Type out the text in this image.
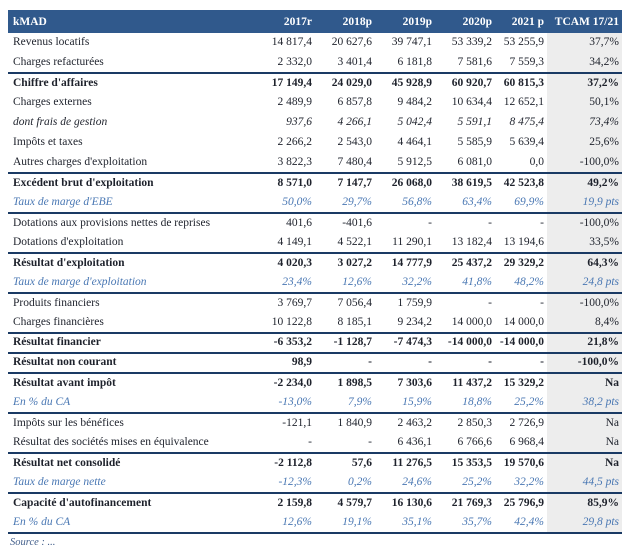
kMAD	2017r	2018p	2019p	2020p	2021 p	TCAM 17/21
Revenus locatifs	14 817,4	20 627,6	39 747,1	53 339,2	53 255,9	37,7%
Charges refacturées	2 332,0	3 401,4	6 181,8	7 581,6	7 559,3	34,2%
Chiffre d'affaires	17 149,4	24 029,0	45 928,9	60 920,7	60 815,3	37,2%
Charges externes	2 489,9	6 857,8	9 484,2	10 634,4	12 652,1	50,1%
dont frais de gestion	937,6	4 266,1	5 042,4	5 591,1	8 475,4	73,4%
Impôts et taxes	2 266,2	2 543,0	4 464,1	5 585,9	5 639,4	25,6%
Autres charges d'exploitation	3 822,3	7 480,4	5 912,5	6 081,0	0,0	-100,0%
Excédent brut d'exploitation	8 571,0	7 147,7	26 068,0	38 619,5	42 523,8	49,2%
Taux de marge d'EBE	50,0%	29,7%	56,8%	63,4%	69,9%	19,9 pts
Dotations aux provisions nettes de reprises	401,6	-401,6	-	-	-	-100,0%
Dotations d'exploitation	4 149,1	4 522,1	11 290,1	13 182,4	13 194,6	33,5%
Résultat d'exploitation	4 020,3	3 027,2	14 777,9	25 437,2	29 329,2	64,3%
Taux de marge d'exploitation	23,4%	12,6%	32,2%	41,8%	48,2%	24,8 pts
Produits financiers	3 769,7	7 056,4	1 759,9	-	-	-100,0%
Charges financières	10 122,8	8 185,1	9 234,2	14 000,0	14 000,0	8,4%
Résultat financier	-6 353,2	-1 128,7	-7 474,3	-14 000,0	-14 000,0	21,8%
Résultat non courant	98,9	-	-	-	-	-100,0%
Résultat avant impôt	-2 234,0	1 898,5	7 303,6	11 437,2	15 329,2	Na
En % du CA	-13,0%	7,9%	15,9%	18,8%	25,2%	38,2 pts
Impôts sur les bénéfices	-121,1	1 840,9	2 463,2	2 850,3	2 726,9	Na
Résultat des sociétés mises en équivalence	-	-	6 436,1	6 766,6	6 968,4	Na
Résultat net consolidé	-2 112,8	57,6	11 276,5	15 353,5	19 570,6	Na
Taux de marge nette	-12,3%	0,2%	24,6%	25,2%	32,2%	44,5 pts
Capacité d'autofinancement	2 159,8	4 579,7	16 130,6	21 769,3	25 796,9	85,9%
En % du CA	12,6%	19,1%	35,1%	35,7%	42,4%	29,8 pts
Source : ...
